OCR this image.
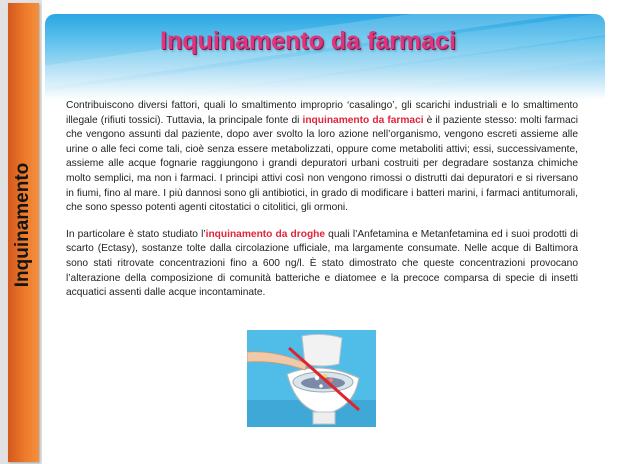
Inquinamento
Inquinamento da farmaci

Contribuiscono diversi fattori, quali lo smaltimento improprio ‘casalingo’, gli scarichi industriali e lo smaltimento illegale (rifiuti tossici). Tuttavia, la principale fonte di inquinamento da farmaci è il paziente stesso: molti farmaci che vengono assunti dal paziente, dopo aver svolto la loro azione nell’organismo, vengono escreti assieme alle urine o alle feci come tali, cioè senza essere metabolizzati, oppure come metaboliti attivi; essi, successivamente, assieme alle acque fognarie raggiungono i grandi depuratori urbani costruiti per degradare sostanza chimiche molto semplici, ma non i farmaci. I principi attivi così non vengono rimossi o distrutti dai depuratori e si riversano in fiumi, fino al mare. I più dannosi sono gli antibiotici, in grado di modificare i batteri marini, i farmaci antitumorali, che sono spesso potenti agenti citostatici o citolitici, gli ormoni.

In particolare è stato studiato l’inquinamento da droghe quali l’Anfetamina e Metanfetamina ed i suoi prodotti di scarto (Ectasy), sostanze tolte dalla circolazione ufficiale, ma largamente consumate. Nelle acque di Baltimora sono stati ritrovate concentrazioni fino a 600 ng/l. È stato dimostrato che queste concentrazioni provocano l’alterazione della composizione di comunità batteriche e diatomee e la precoce comparsa di specie di insetti acquatici assenti dalle acque incontaminate.
